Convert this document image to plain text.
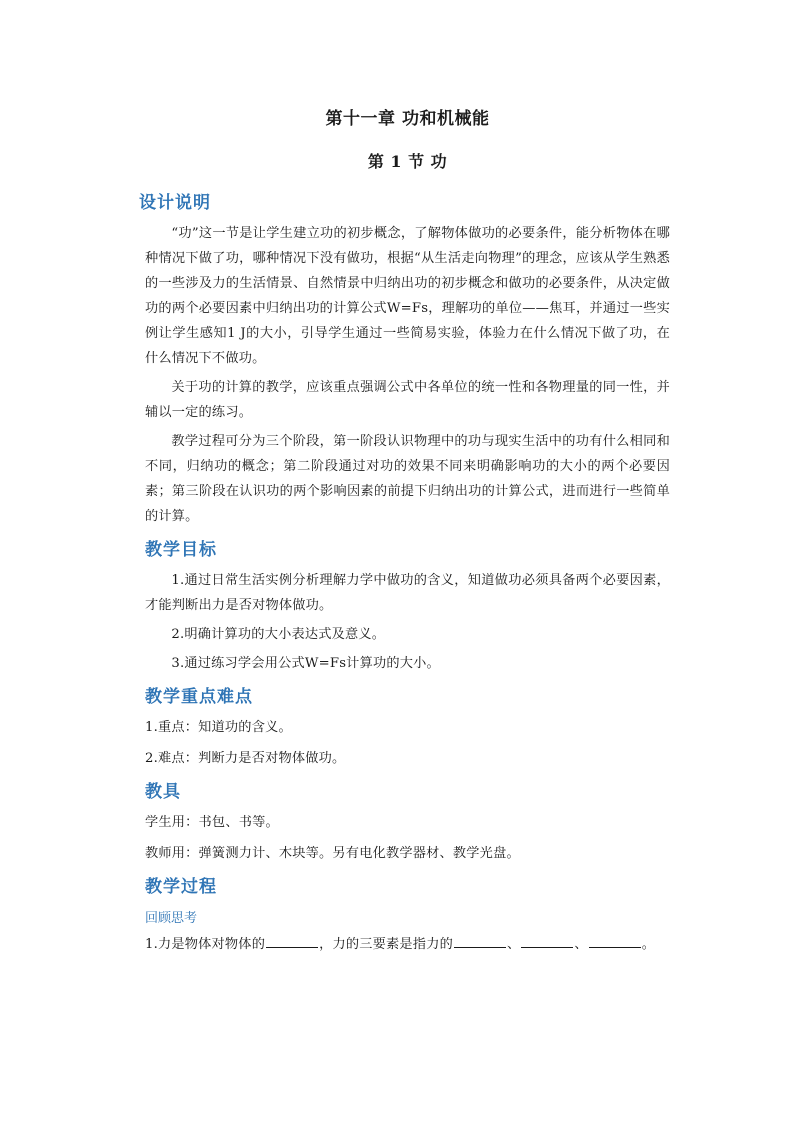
第十一章 功和机械能
第 1 节 功
设计说明

“功”这一节是让学生建立功的初步概念，了解物体做功的必要条件，能分析物体在哪种情况下做了功，哪种情况下没有做功，根据“从生活走向物理”的理念，应该从学生熟悉的一些涉及力的生活情景、自然情景中归纳出功的初步概念和做功的必要条件，从决定做功的两个必要因素中归纳出功的计算公式W=Fs，理解功的单位——焦耳，并通过一些实例让学生感知1 J的大小，引导学生通过一些简易实验，体验力在什么情况下做了功，在什么情况下不做功。

关于功的计算的教学，应该重点强调公式中各单位的统一性和各物理量的同一性，并辅以一定的练习。

教学过程可分为三个阶段，第一阶段认识物理中的功与现实生活中的功有什么相同和不同，归纳功的概念；第二阶段通过对功的效果不同来明确影响功的大小的两个必要因素；第三阶段在认识功的两个影响因素的前提下归纳出功的计算公式，进而进行一些简单的计算。

教学目标

1.通过日常生活实例分析理解力学中做功的含义，知道做功必须具备两个必要因素，才能判断出力是否对物体做功。

2.明确计算功的大小表达式及意义。

3.通过练习学会用公式W=Fs计算功的大小。

教学重点难点

1.重点：知道功的含义。

2.难点：判断力是否对物体做功。

教具

学生用：书包、书等。

教师用：弹簧测力计、木块等。另有电化教学器材、教学光盘。

教学过程
回顾思考

1.力是物体对物体的	，力的三要素是指力的	、	、	。
